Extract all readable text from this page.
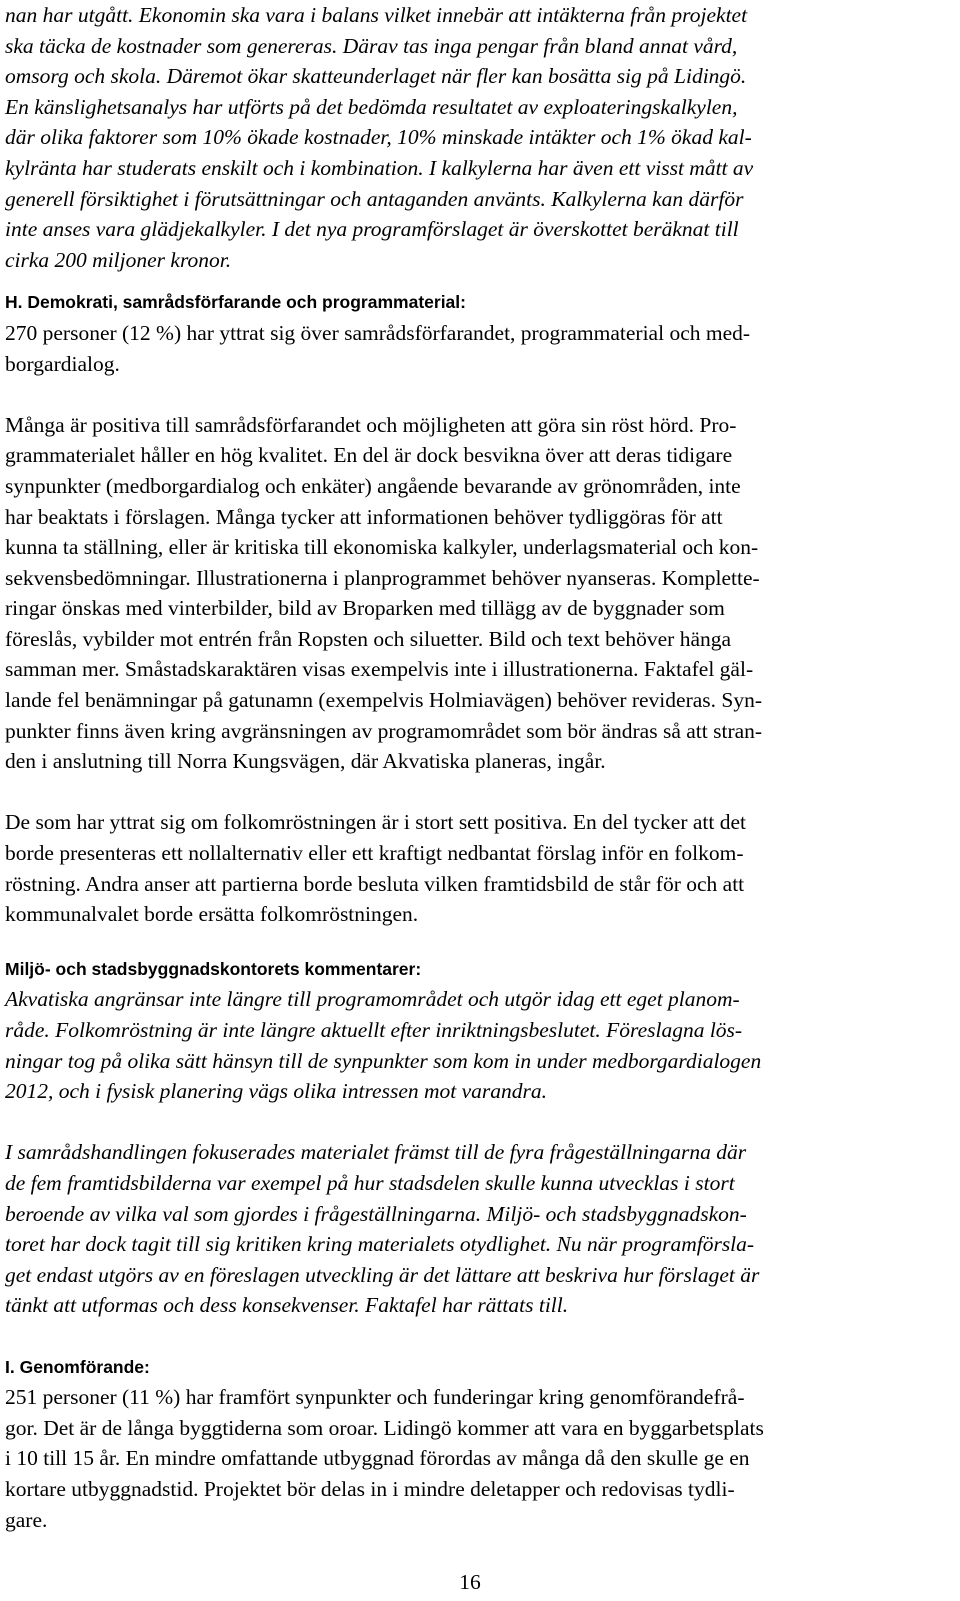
nan har utgått. Ekonomin ska vara i balans vilket innebär att intäkterna från projektet
ska täcka de kostnader som genereras. Därav tas inga pengar från bland annat vård,
omsorg och skola. Däremot ökar skatteunderlaget när fler kan bosätta sig på Lidingö.
En känslighetsanalys har utförts på det bedömda resultatet av exploateringskalkylen,
där olika faktorer som 10% ökade kostnader, 10% minskade intäkter och 1% ökad kal-
kylränta har studerats enskilt och i kombination. I kalkylerna har även ett visst mått av
generell försiktighet i förutsättningar och antaganden använts. Kalkylerna kan därför
inte anses vara glädjekalkyler. I det nya programförslaget är överskottet beräknat till
cirka 200 miljoner kronor.
H. Demokrati, samrådsförfarande och programmaterial:
270 personer (12 %) har yttrat sig över samrådsförfarandet, programmaterial och med-
borgardialog.
Många är positiva till samrådsförfarandet och möjligheten att göra sin röst hörd. Pro-
grammaterialet håller en hög kvalitet. En del är dock besvikna över att deras tidigare
synpunkter (medborgardialog och enkäter) angående bevarande av grönområden, inte
har beaktats i förslagen. Många tycker att informationen behöver tydliggöras för att
kunna ta ställning, eller är kritiska till ekonomiska kalkyler, underlagsmaterial och kon-
sekvensbedömningar. Illustrationerna i planprogrammet behöver nyanseras. Komplette-
ringar önskas med vinterbilder, bild av Broparken med tillägg av de byggnader som
föreslås, vybilder mot entrén från Ropsten och siluetter. Bild och text behöver hänga
samman mer. Småstadskaraktären visas exempelvis inte i illustrationerna. Faktafel gäl-
lande fel benämningar på gatunamn (exempelvis Holmiavägen) behöver revideras. Syn-
punkter finns även kring avgränsningen av programområdet som bör ändras så att stran-
den i anslutning till Norra Kungsvägen, där Akvatiska planeras, ingår.
De som har yttrat sig om folkomröstningen är i stort sett positiva. En del tycker att det
borde presenteras ett nollalternativ eller ett kraftigt nedbantat förslag inför en folkom-
röstning. Andra anser att partierna borde besluta vilken framtidsbild de står för och att
kommunalvalet borde ersätta folkomröstningen.
Miljö- och stadsbyggnadskontorets kommentarer:
Akvatiska angränsar inte längre till programområdet och utgör idag ett eget planom-
råde. Folkomröstning är inte längre aktuellt efter inriktningsbeslutet. Föreslagna lös-
ningar tog på olika sätt hänsyn till de synpunkter som kom in under medborgardialogen
2012, och i fysisk planering vägs olika intressen mot varandra.
I samrådshandlingen fokuserades materialet främst till de fyra frågeställningarna där
de fem framtidsbilderna var exempel på hur stadsdelen skulle kunna utvecklas i stort
beroende av vilka val som gjordes i frågeställningarna. Miljö- och stadsbyggnadskon-
toret har dock tagit till sig kritiken kring materialets otydlighet. Nu när programförsla-
get endast utgörs av en föreslagen utveckling är det lättare att beskriva hur förslaget är
tänkt att utformas och dess konsekvenser. Faktafel har rättats till.
I. Genomförande:
251 personer (11 %) har framfört synpunkter och funderingar kring genomförandefrå-
gor. Det är de långa byggtiderna som oroar. Lidingö kommer att vara en byggarbetsplats
i 10 till 15 år. En mindre omfattande utbyggnad förordas av många då den skulle ge en
kortare utbyggnadstid. Projektet bör delas in i mindre deletapper och redovisas tydli-
gare.
16
